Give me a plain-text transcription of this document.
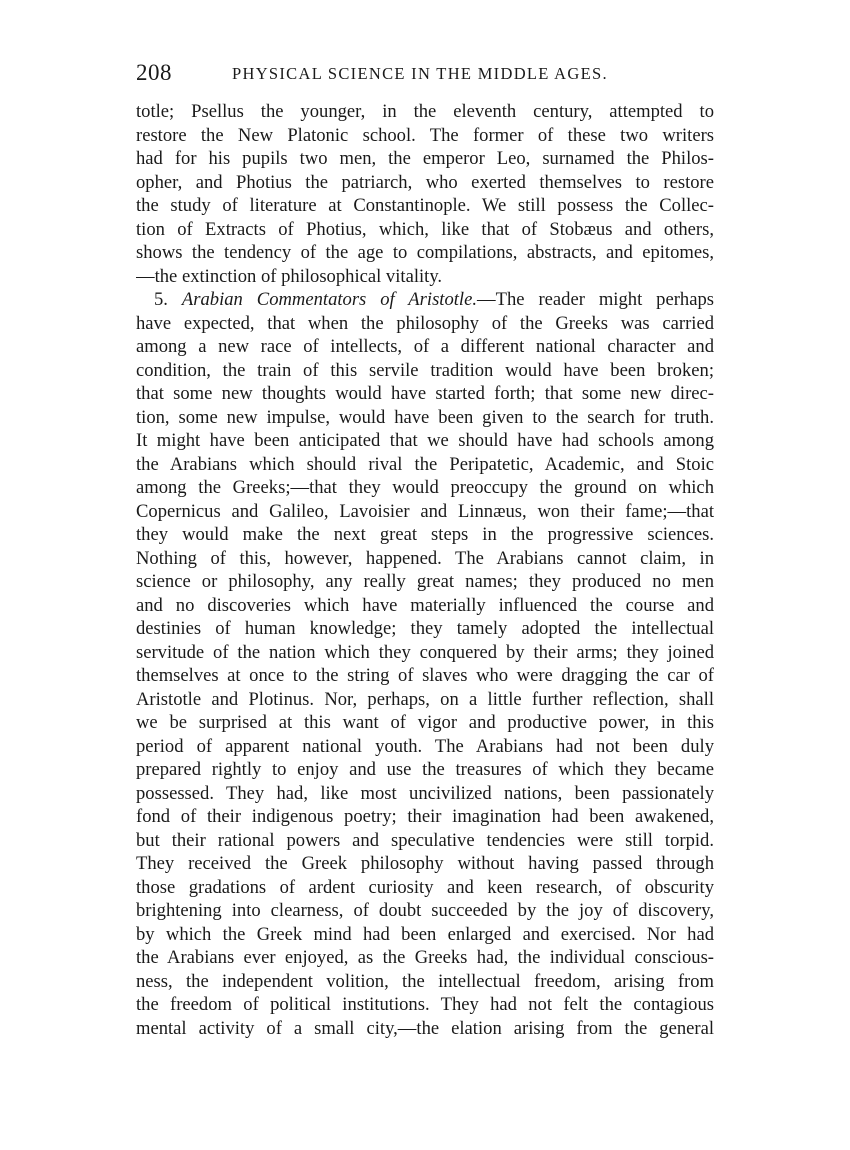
208	PHYSICAL SCIENCE IN THE MIDDLE AGES.
totle; Psellus the younger, in the eleventh century, attempted to
restore the New Platonic school. The former of these two writers
had for his pupils two men, the emperor Leo, surnamed the Philos-
opher, and Photius the patriarch, who exerted themselves to restore
the study of literature at Constantinople. We still possess the Collec-
tion of Extracts of Photius, which, like that of Stobæus and others,
shows the tendency of the age to compilations, abstracts, and epitomes,
—the extinction of philosophical vitality.
5. Arabian Commentators of Aristotle.—The reader might perhaps
have expected, that when the philosophy of the Greeks was carried
among a new race of intellects, of a different national character and
condition, the train of this servile tradition would have been broken;
that some new thoughts would have started forth; that some new direc-
tion, some new impulse, would have been given to the search for truth.
It might have been anticipated that we should have had schools among
the Arabians which should rival the Peripatetic, Academic, and Stoic
among the Greeks;—that they would preoccupy the ground on which
Copernicus and Galileo, Lavoisier and Linnæus, won their fame;—that
they would make the next great steps in the progressive sciences.
Nothing of this, however, happened. The Arabians cannot claim, in
science or philosophy, any really great names; they produced no men
and no discoveries which have materially influenced the course and
destinies of human knowledge; they tamely adopted the intellectual
servitude of the nation which they conquered by their arms; they joined
themselves at once to the string of slaves who were dragging the car of
Aristotle and Plotinus. Nor, perhaps, on a little further reflection, shall
we be surprised at this want of vigor and productive power, in this
period of apparent national youth. The Arabians had not been duly
prepared rightly to enjoy and use the treasures of which they became
possessed. They had, like most uncivilized nations, been passionately
fond of their indigenous poetry; their imagination had been awakened,
but their rational powers and speculative tendencies were still torpid.
They received the Greek philosophy without having passed through
those gradations of ardent curiosity and keen research, of obscurity
brightening into clearness, of doubt succeeded by the joy of discovery,
by which the Greek mind had been enlarged and exercised. Nor had
the Arabians ever enjoyed, as the Greeks had, the individual conscious-
ness, the independent volition, the intellectual freedom, arising from
the freedom of political institutions. They had not felt the contagious
mental activity of a small city,—the elation arising from the general
